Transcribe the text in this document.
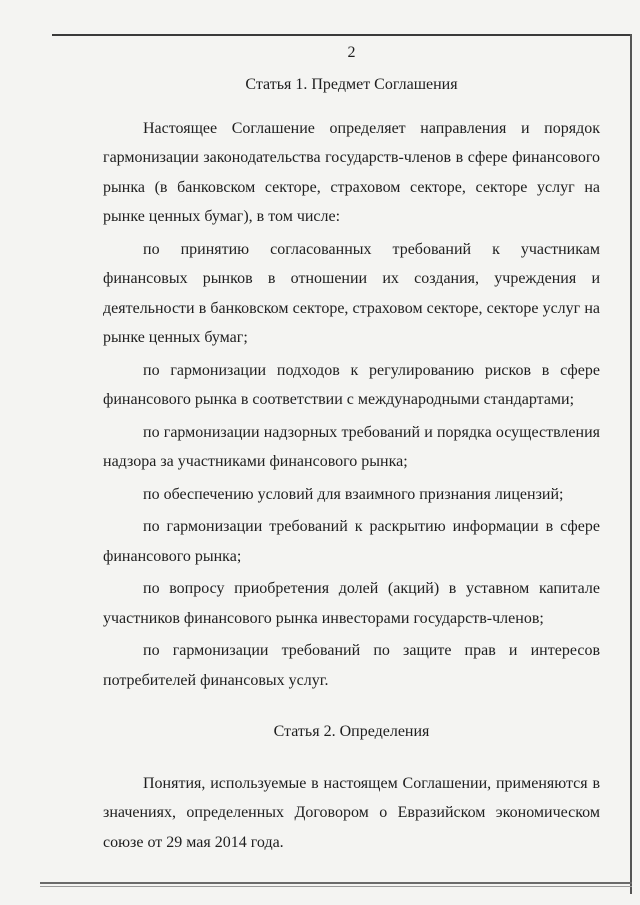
2
Статья 1. Предмет Соглашения

Настоящее Соглашение определяет направления и порядок гармонизации законодательства государств-членов в сфере финансового рынка (в банковском секторе, страховом секторе, секторе услуг на рынке ценных бумаг), в том числе:

по принятию согласованных требований к участникам финансовых рынков в отношении их создания, учреждения и деятельности в банковском секторе, страховом секторе, секторе услуг на рынке ценных бумаг;

по гармонизации подходов к регулированию рисков в сфере финансового рынка в соответствии с международными стандартами;

по гармонизации надзорных требований и порядка осуществления надзора за участниками финансового рынка;

по обеспечению условий для взаимного признания лицензий;

по гармонизации требований к раскрытию информации в сфере финансового рынка;

по вопросу приобретения долей (акций) в уставном капитале участников финансового рынка инвесторами государств-членов;

по гармонизации требований по защите прав и интересов потребителей финансовых услуг.

Статья 2. Определения

Понятия, используемые в настоящем Соглашении, применяются в значениях, определенных Договором о Евразийском экономическом союзе от 29 мая 2014 года.
